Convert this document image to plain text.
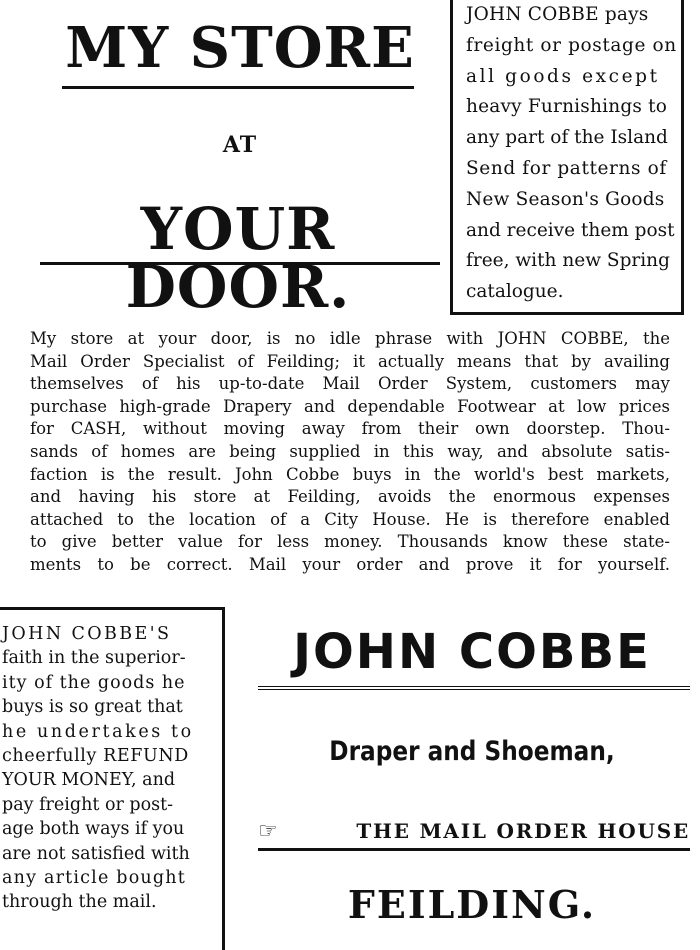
MY STORE
AT
YOUR DOOR.
JOHN COBBE pays
freight or postage on
all goods except
heavy Furnishings to
any part of the Island
Send for patterns of
New Season's Goods
and receive them post
free, with new Spring
catalogue.
My store at your door, is no idle phrase with JOHN COBBE, the
Mail Order Specialist of Feilding; it actually means that by availing
themselves of his up-to-date Mail Order System, customers may
purchase high-grade Drapery and dependable Footwear at low prices
for CASH, without moving away from their own doorstep. Thou-
sands of homes are being supplied in this way, and absolute satis-
faction is the result. John Cobbe buys in the world's best markets,
and having his store at Feilding, avoids the enormous expenses
attached to the location of a City House. He is therefore enabled
to give better value for less money. Thousands know these state-
ments to be correct. Mail your order and prove it for yourself.
JOHN COBBE'S
faith in the superior-
ity of the goods he
buys is so great that
he undertakes to
cheerfully REFUND
YOUR MONEY, and
pay freight or post-
age both ways if you
are not satisfied with
any article bought
through the mail.
JOHN COBBE
Draper and Shoeman,
☞	THE MAIL ORDER HOUSE
FEILDING.
